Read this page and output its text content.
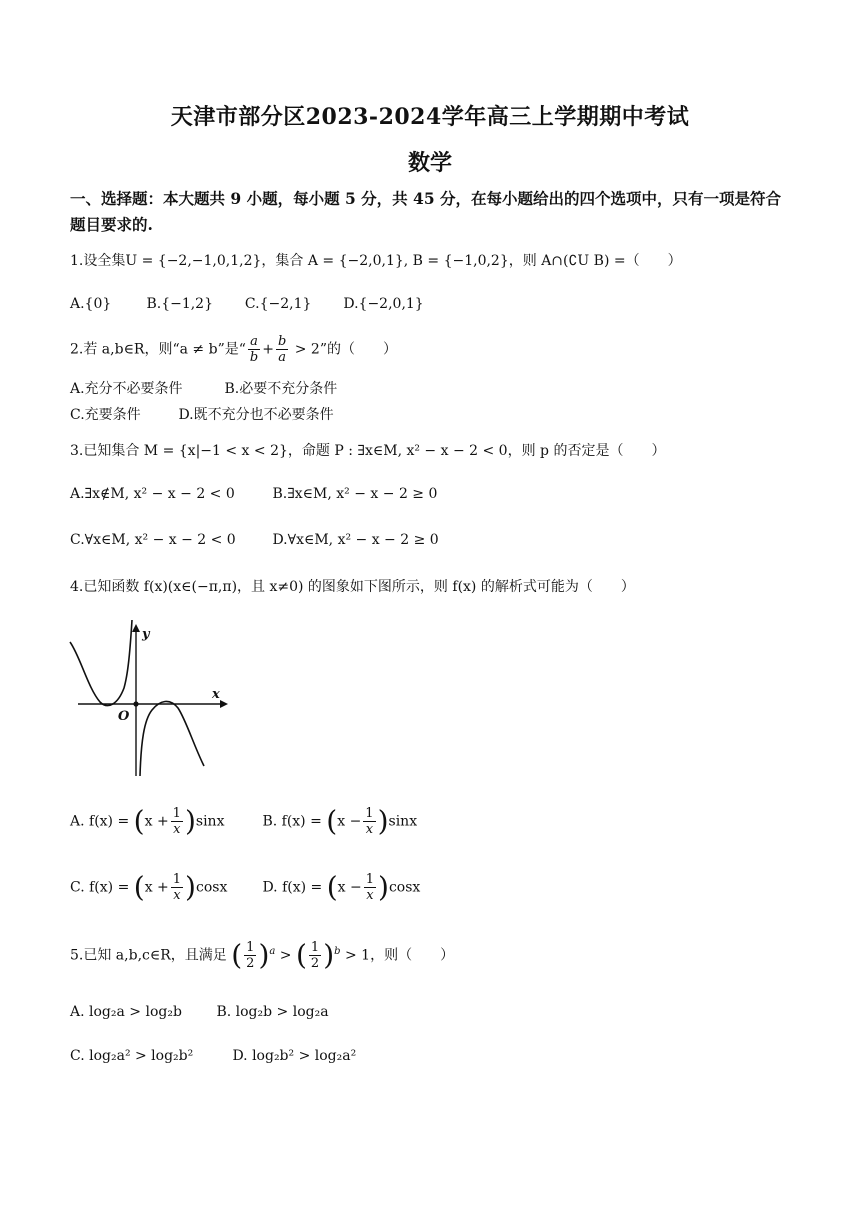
天津市部分区2023-2024学年高三上学期期中考试
数学
一、选择题：本大题共 9 小题，每小题 5 分，共 45 分，在每小题给出的四个选项中，只有一项是符合题目要求的.
1.设全集U = {−2,−1,0,1,2}，集合 A = {−2,0,1}, B = {−1,0,2}，则 A∩(∁U B) =（　　）
A.{0}	B.{−1,2} C.{−2,1} D.{−2,0,1}
2.若 a,b∈R，则“a ≠ b”是“ $\frac{a}{b} + \frac{b}{a} > 2$”的（　　）
A.充分不必要条件	B.必要不充分条件
C.充要条件	D.既不充分也不必要条件
3.已知集合 M = {x|−1 < x < 2}，命题 P : ∃x∈M, x² − x − 2 < 0，则 p 的否定是（　　）
A.∃x∉M, x² − x − 2 < 0	B.∃x∈M, x² − x − 2 ≥ 0
C.∀x∈M, x² − x − 2 < 0	D.∀x∈M, x² − x − 2 ≥ 0
4.已知函数 f(x)(x∈(−π,π)，且 x≠0) 的图象如下图所示，则 f(x) 的解析式可能为（　　）
y
x
O
A. $f(x) = (x + \frac{1}{x} )\sin x$	B. $f(x) = (x - \frac{1}{x} )\sin x$
C. $f(x) = (x + \frac{1}{x} )\cos x$	D. $f(x) = (x - \frac{1}{x} )\cos x$
5.已知 a,b,c∈R，且满足 ( $\frac{1}{2} )^a$ > ( $\frac{1}{2} )^b > 1$，则（　　）
A. log₂a > log₂b B. log₂b > log₂a
C. log₂a² > log₂b²	D. log₂b² > log₂a²
